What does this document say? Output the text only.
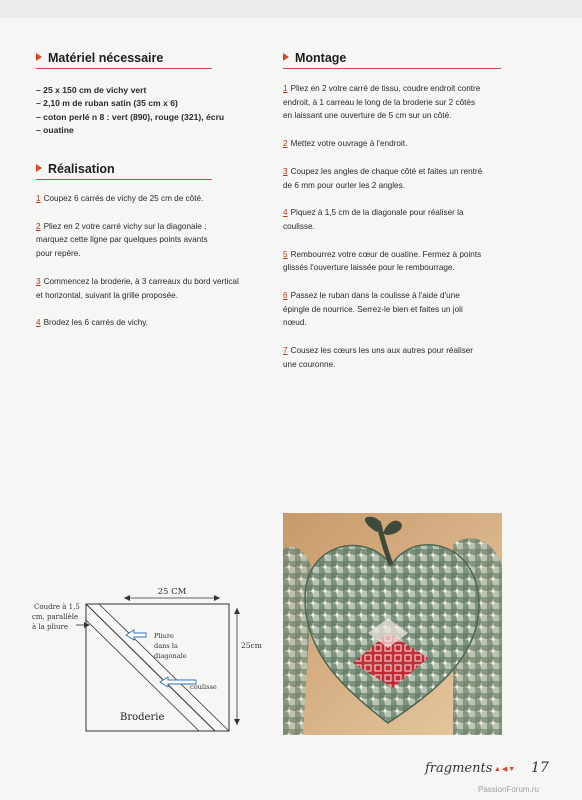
Matériel nécessaire
– 25 x 150 cm de vichy vert
– 2,10 m de ruban satin (35 cm x 6)
– coton perlé n 8 : vert (890), rouge (321), écru
– ouatine
Réalisation
1 Coupez 6 carrés de vichy de 25 cm de côté.
2 Pliez en 2 votre carré vichy sur la diagonale :
marquez cette ligne par quelques points avants
pour repère.
3 Commencez la broderie, à 3 carreaux du bord vertical
et horizontal, suivant la grille proposée.
4 Brodez les 6 carrés de vichy.
Montage
1 Pliez en 2 votre carré de tissu, coudre endroit contre
endroit, à 1 carreau le long de la broderie sur 2 côtés
en laissant une ouverture de 5 cm sur un côté.
2 Mettez votre ouvrage à l'endroit.
3 Coupez les angles de chaque côté et faites un rentré
de 6 mm pour ourler les 2 angles.
4 Piquez à 1,5 cm de la diagonale pour réaliser la
coulisse.
5 Rembourrez votre cœur de ouatine. Fermez à points
glissés l'ouverture laissée pour le rembourrage.
6 Passez le ruban dans la coulisse à l'aide d'une
épingle de nourrice. Serrez-le bien et faites un joli
nœud.
7 Cousez les cœurs les uns aux autres pour réaliser
une couronne.
25 CM
25cm
Coudre à 1,5
cm, parallèle
à la pliure
Pliure
dans la
diagonale
coulisse
Broderie
fragments ▲◀▼ 17
PassionForum.ru
